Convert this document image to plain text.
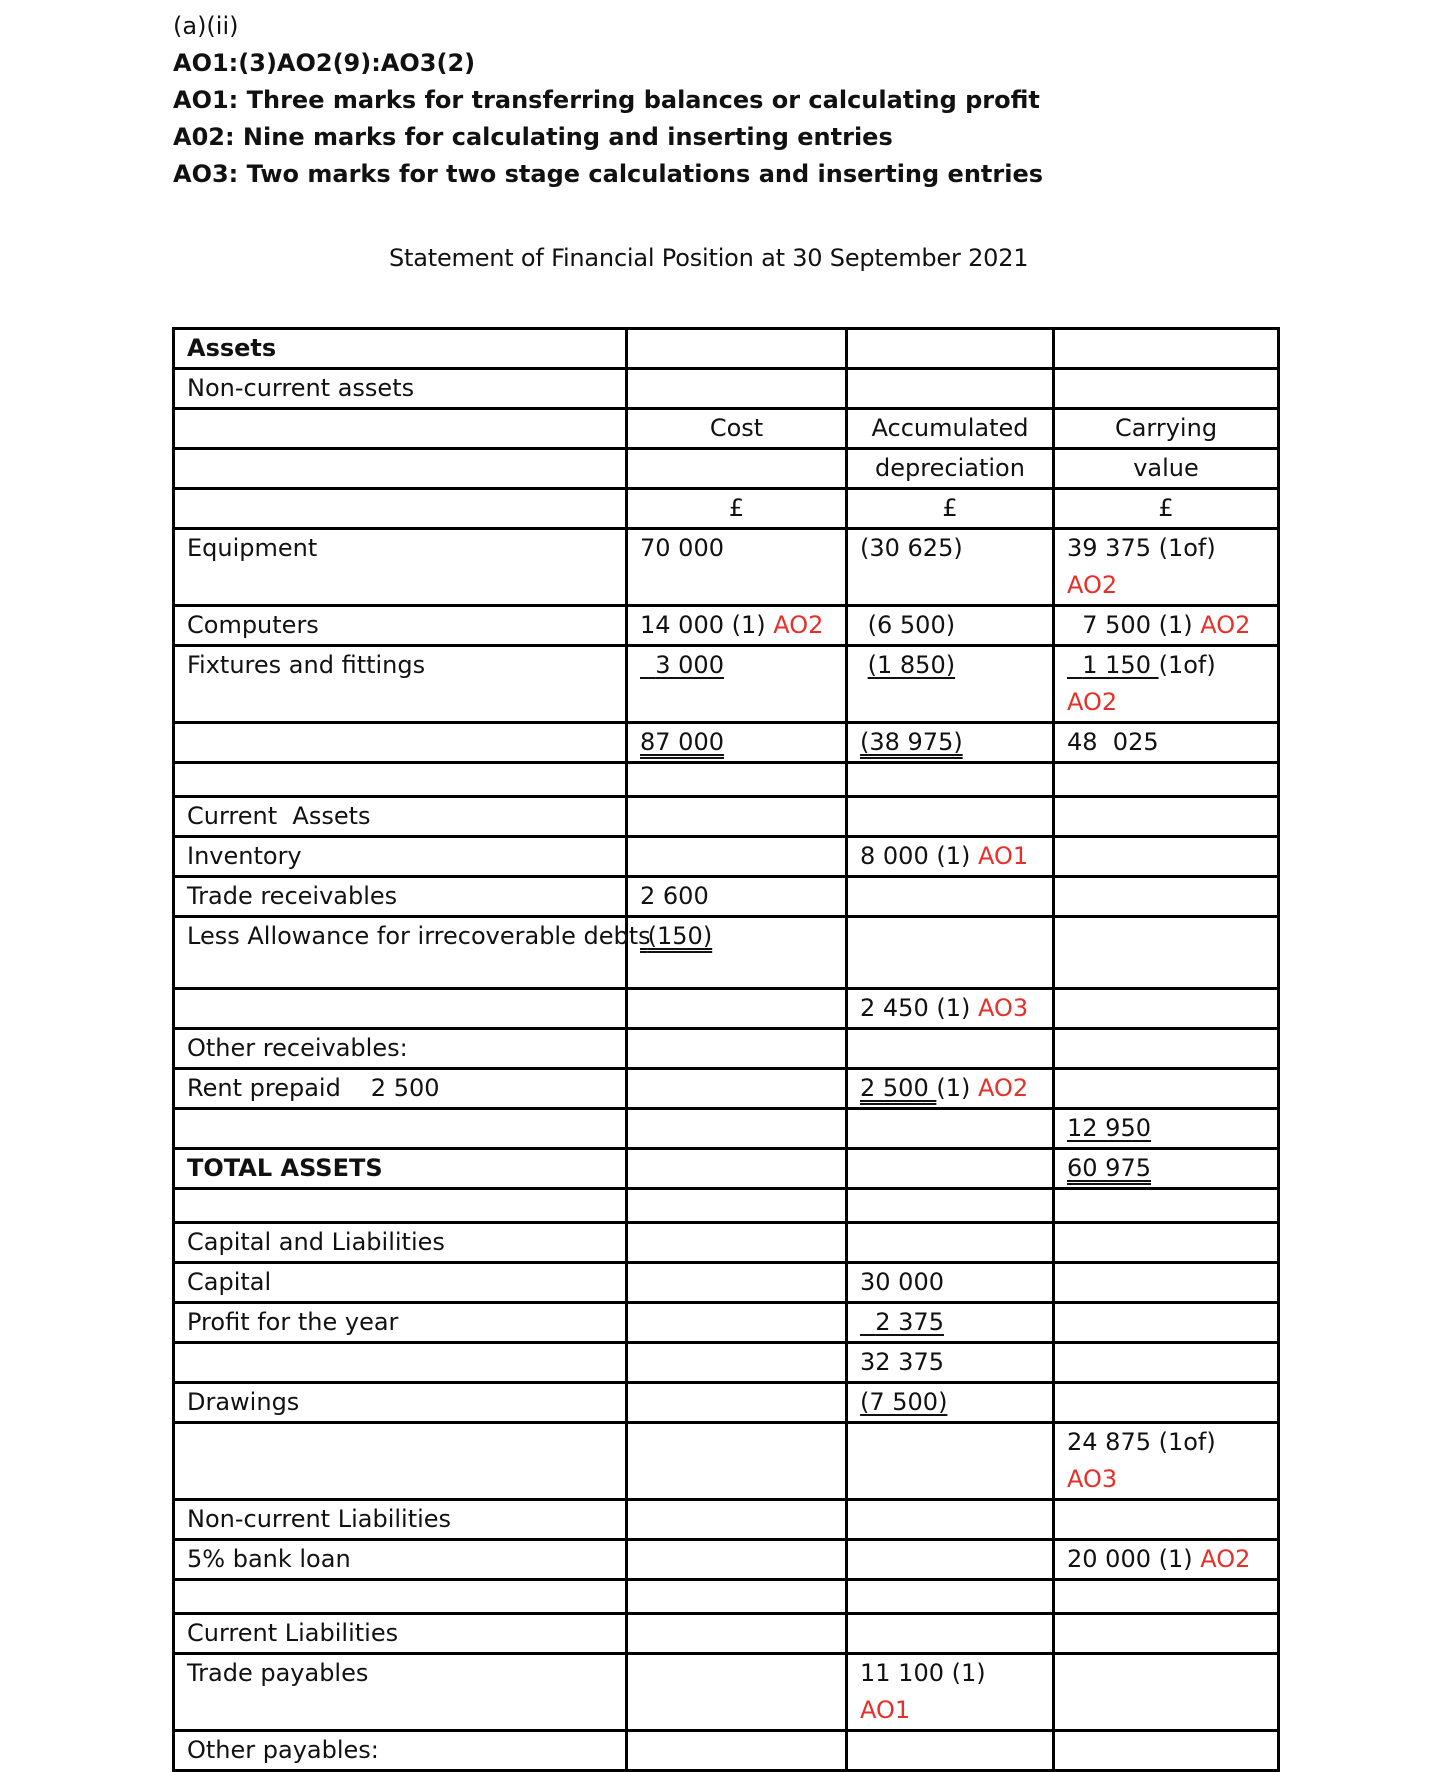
(a)(ii)
AO1:(3)AO2(9):AO3(2)
AO1: Three marks for transferring balances or calculating profit
A02: Nine marks for calculating and inserting entries
AO3: Two marks for two stage calculations and inserting entries
Statement of Financial Position at 30 September 2021
Assets			
Non-current assets			
	Cost	Accumulated	Carrying
		depreciation	value
	£	£	£
Equipment	70 000	(30 625)	39 375 (1of)
AO2
Computers	14 000 (1) AO2	(6 500)	7 500 (1) AO2
Fixtures and fittings	3 000	(1 850)	1 150 (1of)
AO2
	87 000	(38 975)	48  025

Current  Assets			
Inventory		8 000 (1) AO1	
Trade receivables	2 600		
Less Allowance for irrecoverable debts	(150)		
		2 450 (1) AO3	
Other receivables:			
Rent prepaid 2 500		2 500 (1) AO2	
			12 950
TOTAL ASSETS			60 975

Capital and Liabilities			
Capital		30 000	
Profit for the year		2 375	
		32 375	
Drawings		(7 500)	
			24 875 (1of)
AO3
Non-current Liabilities			
5% bank loan			20 000 (1) AO2

Current Liabilities			
Trade payables		11 100 (1)
AO1	
Other payables:			
